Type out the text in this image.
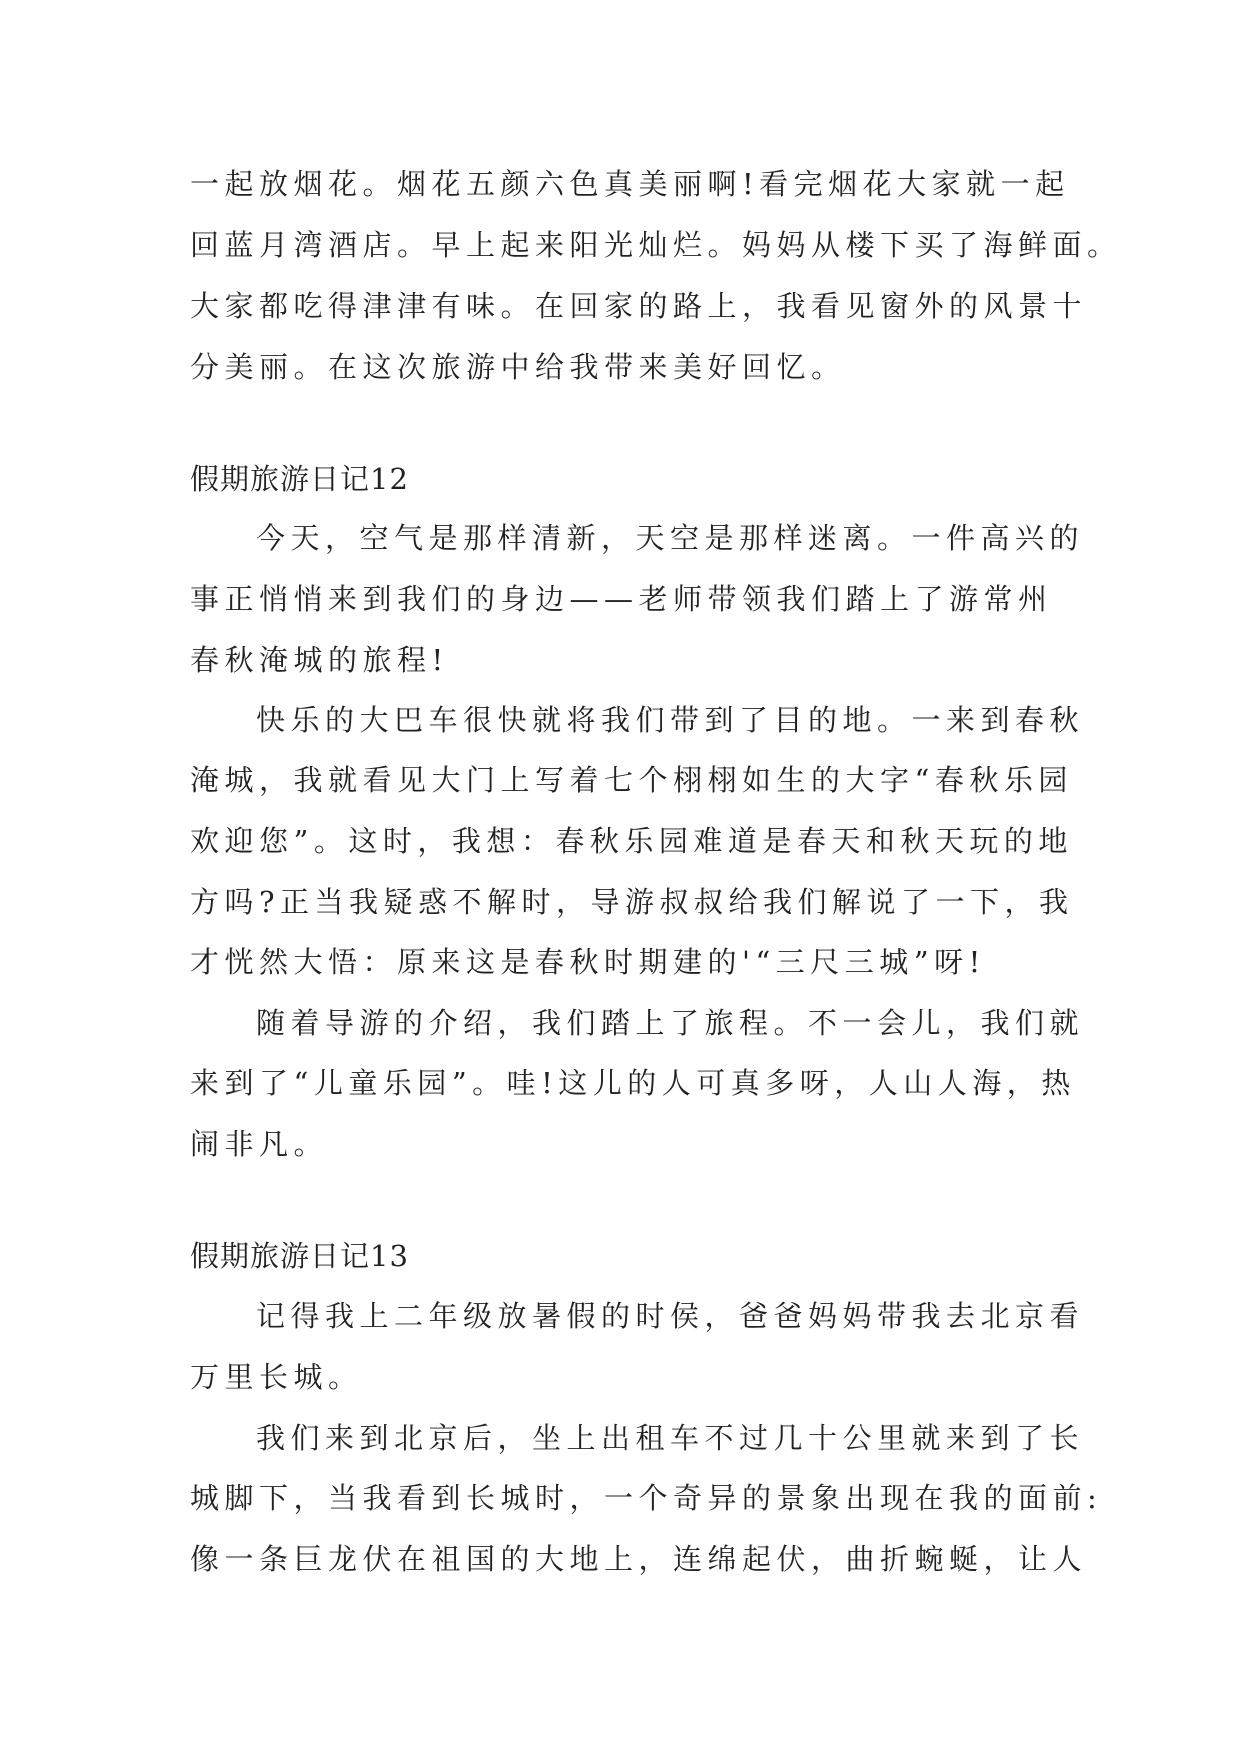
一起放烟花。烟花五颜六色真美丽啊!看完烟花大家就一起
回蓝月湾酒店。早上起来阳光灿烂。妈妈从楼下买了海鲜面。
大家都吃得津津有味。在回家的路上，我看见窗外的风景十
分美丽。在这次旅游中给我带来美好回忆。
假期旅游日记12
今天，空气是那样清新，天空是那样迷离。一件高兴的
事正悄悄来到我们的身边——老师带领我们踏上了游常州
春秋淹城的旅程!
快乐的大巴车很快就将我们带到了目的地。一来到春秋
淹城，我就看见大门上写着七个栩栩如生的大字“春秋乐园
欢迎您”。这时，我想：春秋乐园难道是春天和秋天玩的地
方吗?正当我疑惑不解时，导游叔叔给我们解说了一下，我
才恍然大悟：原来这是春秋时期建的'“三尺三城”呀!
随着导游的介绍，我们踏上了旅程。不一会儿，我们就
来到了“儿童乐园”。哇!这儿的人可真多呀，人山人海，热
闹非凡。
假期旅游日记13
记得我上二年级放暑假的时侯，爸爸妈妈带我去北京看
万里长城。
我们来到北京后，坐上出租车不过几十公里就来到了长
城脚下，当我看到长城时，一个奇异的景象出现在我的面前:
像一条巨龙伏在祖国的大地上，连绵起伏，曲折蜿蜒，让人
